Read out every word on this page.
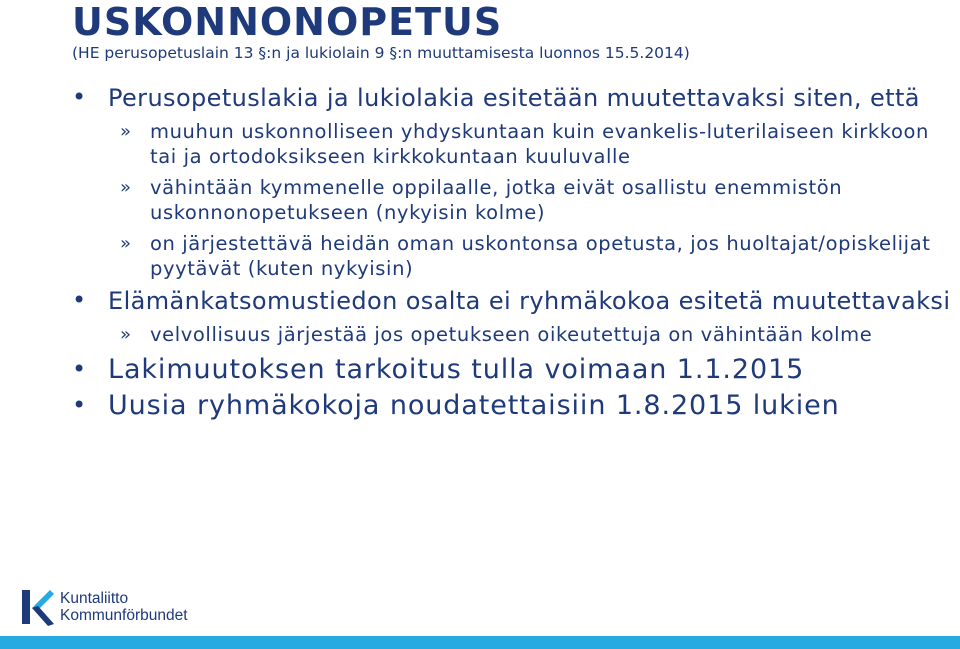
USKONNONOPETUS
(HE perusopetuslain 13 §:n ja lukiolain 9 §:n muuttamisesta luonnos 15.5.2014)
• Perusopetuslakia ja lukiolakia esitetään muutettavaksi siten, että
» muuhun uskonnolliseen yhdyskuntaan kuin evankelis-luterilaiseen kirkkoon tai ja ortodoksikseen kirkkokuntaan kuuluvalle
» vähintään kymmenelle oppilaalle, jotka eivät osallistu enemmistön uskonnonopetukseen (nykyisin kolme)
» on järjestettävä heidän oman uskontonsa opetusta, jos huoltajat/opiskelijat pyytävät (kuten nykyisin)
• Elämänkatsomustiedon osalta ei ryhmäkokoa esitetä muutettavaksi
» velvollisuus järjestää jos opetukseen oikeutettuja on vähintään kolme
• Lakimuutoksen tarkoitus tulla voimaan 1.1.2015
• Uusia ryhmäkokoja noudatettaisiin 1.8.2015 lukien
Kuntaliitto
Kommunförbundet
